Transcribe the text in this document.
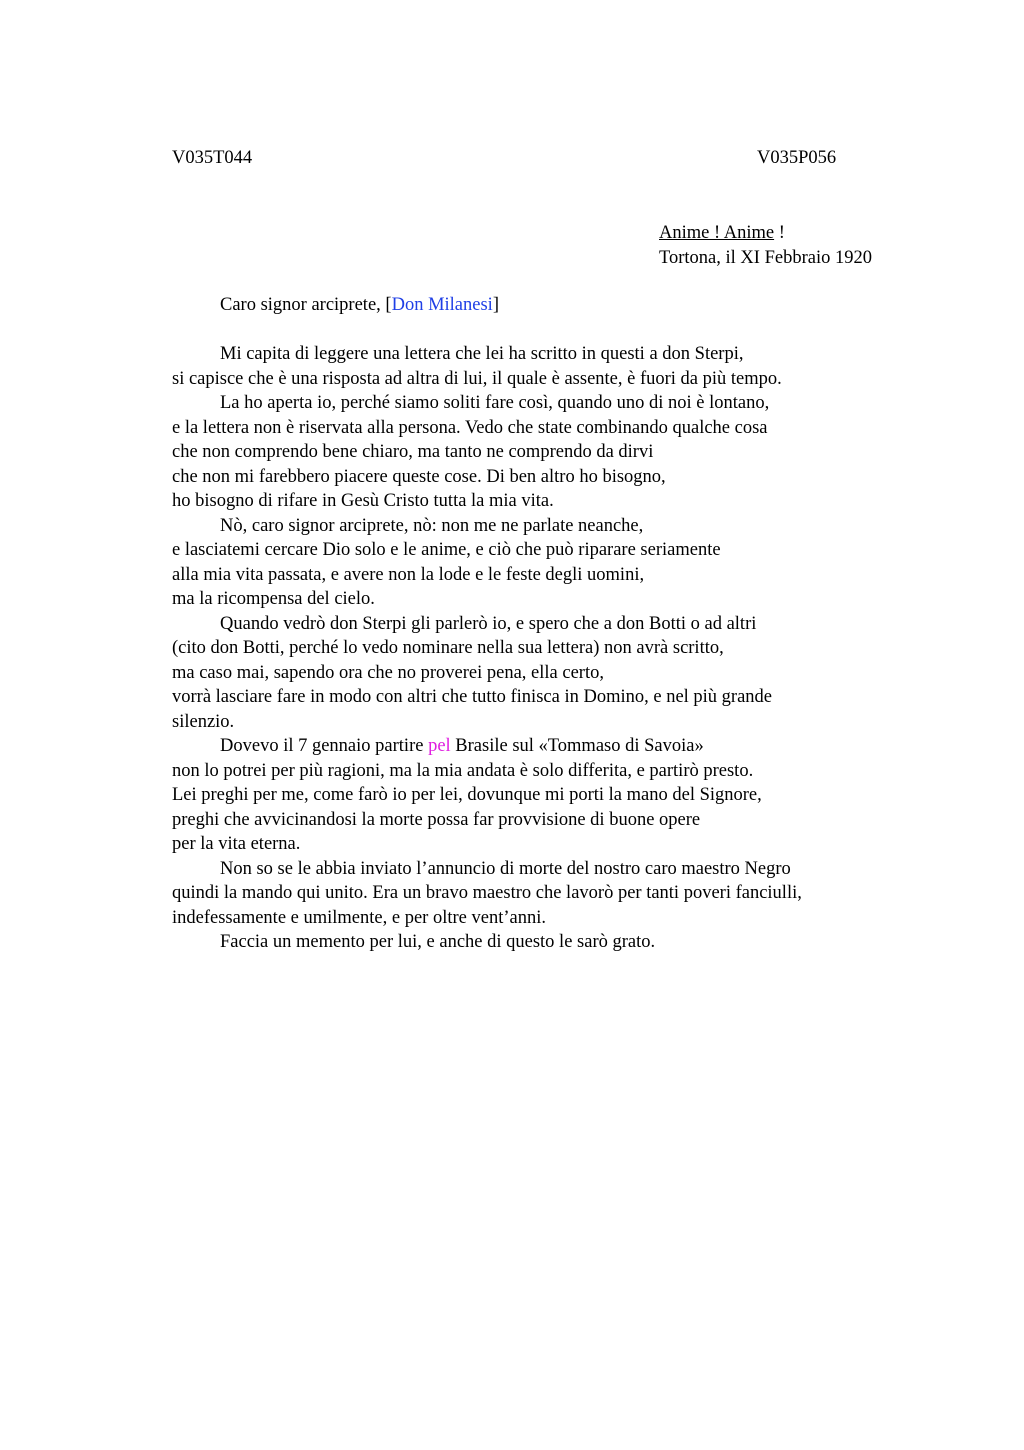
V035T044	V035P056
Anime ! Anime !
Tortona, il XI Febbraio 1920
Caro signor arciprete, [Don Milanesi]
Mi capita di leggere una lettera che lei ha scritto in questi a don Sterpi,
si capisce che è una risposta ad altra di lui, il quale è assente, è fuori da più tempo.
La ho aperta io, perché siamo soliti fare così, quando uno di noi è lontano,
e la lettera non è riservata alla persona. Vedo che state combinando qualche cosa
che non comprendo bene chiaro, ma tanto ne comprendo da dirvi
che non mi farebbero piacere queste cose. Di ben altro ho bisogno,
ho bisogno di rifare in Gesù Cristo tutta la mia vita.
Nò, caro signor arciprete, nò: non me ne parlate neanche,
e lasciatemi cercare Dio solo e le anime, e ciò che può riparare seriamente
alla mia vita passata, e avere non la lode e le feste degli uomini,
ma la ricompensa del cielo.
Quando vedrò don Sterpi gli parlerò io, e spero che a don Botti o ad altri
(cito don Botti, perché lo vedo nominare nella sua lettera) non avrà scritto,
ma caso mai, sapendo ora che no proverei pena, ella certo,
vorrà lasciare fare in modo con altri che tutto finisca in Domino, e nel più grande
silenzio.
Dovevo il 7 gennaio partire pel Brasile sul «Tommaso di Savoia»
non lo potrei per più ragioni, ma la mia andata è solo differita, e partirò presto.
Lei preghi per me, come farò io per lei, dovunque mi porti la mano del Signore,
preghi che avvicinandosi la morte possa far provvisione di buone opere
per la vita eterna.
Non so se le abbia inviato l’annuncio di morte del nostro caro maestro Negro
quindi la mando qui unito. Era un bravo maestro che lavorò per tanti poveri fanciulli,
indefessamente e umilmente, e per oltre vent’anni.
Faccia un memento per lui, e anche di questo le sarò grato.
